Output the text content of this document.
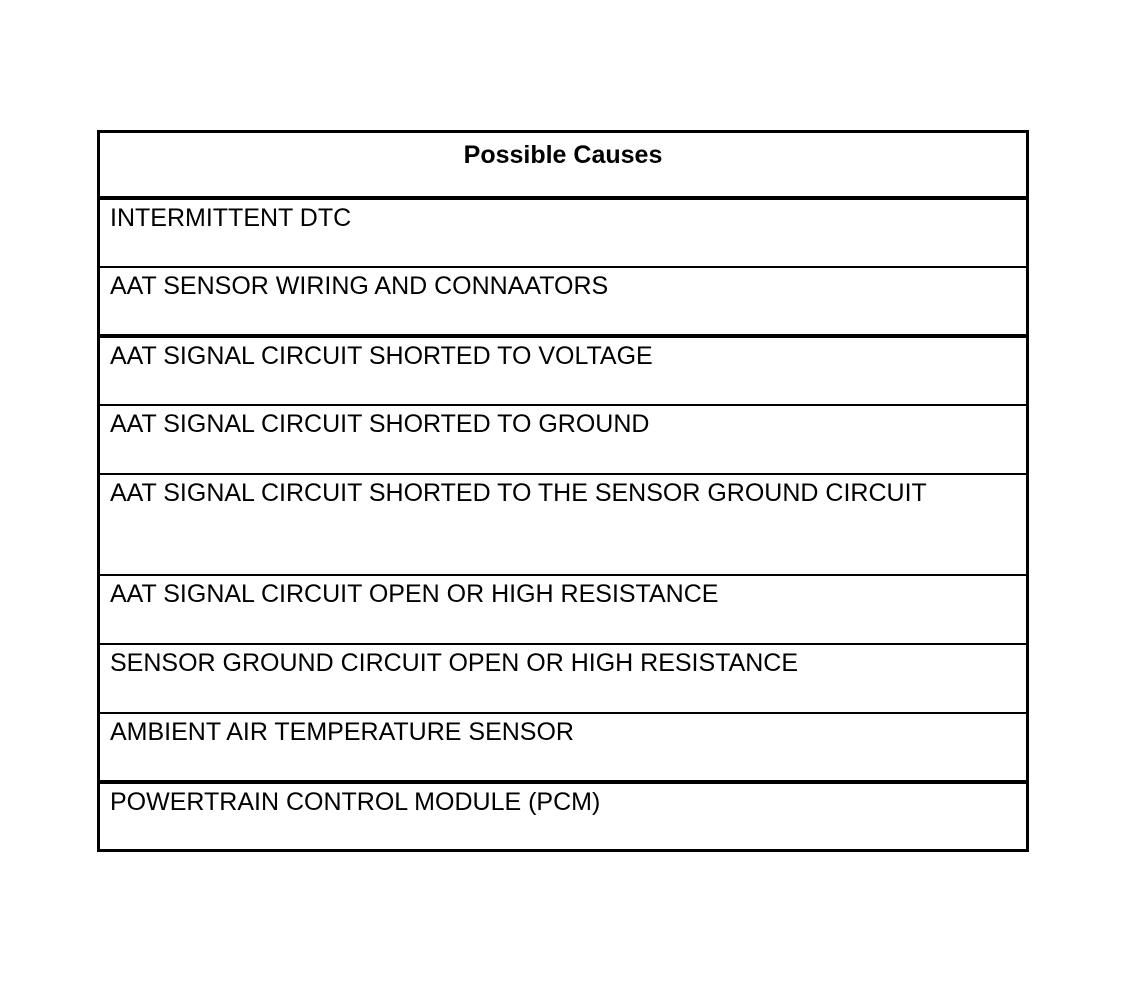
Possible Causes
INTERMITTENT DTC
AAT SENSOR WIRING AND CONNAATORS
AAT SIGNAL CIRCUIT SHORTED TO VOLTAGE
AAT SIGNAL CIRCUIT SHORTED TO GROUND
AAT SIGNAL CIRCUIT SHORTED TO THE SENSOR GROUND CIRCUIT
AAT SIGNAL CIRCUIT OPEN OR HIGH RESISTANCE
SENSOR GROUND CIRCUIT OPEN OR HIGH RESISTANCE
AMBIENT AIR TEMPERATURE SENSOR
POWERTRAIN CONTROL MODULE (PCM)
